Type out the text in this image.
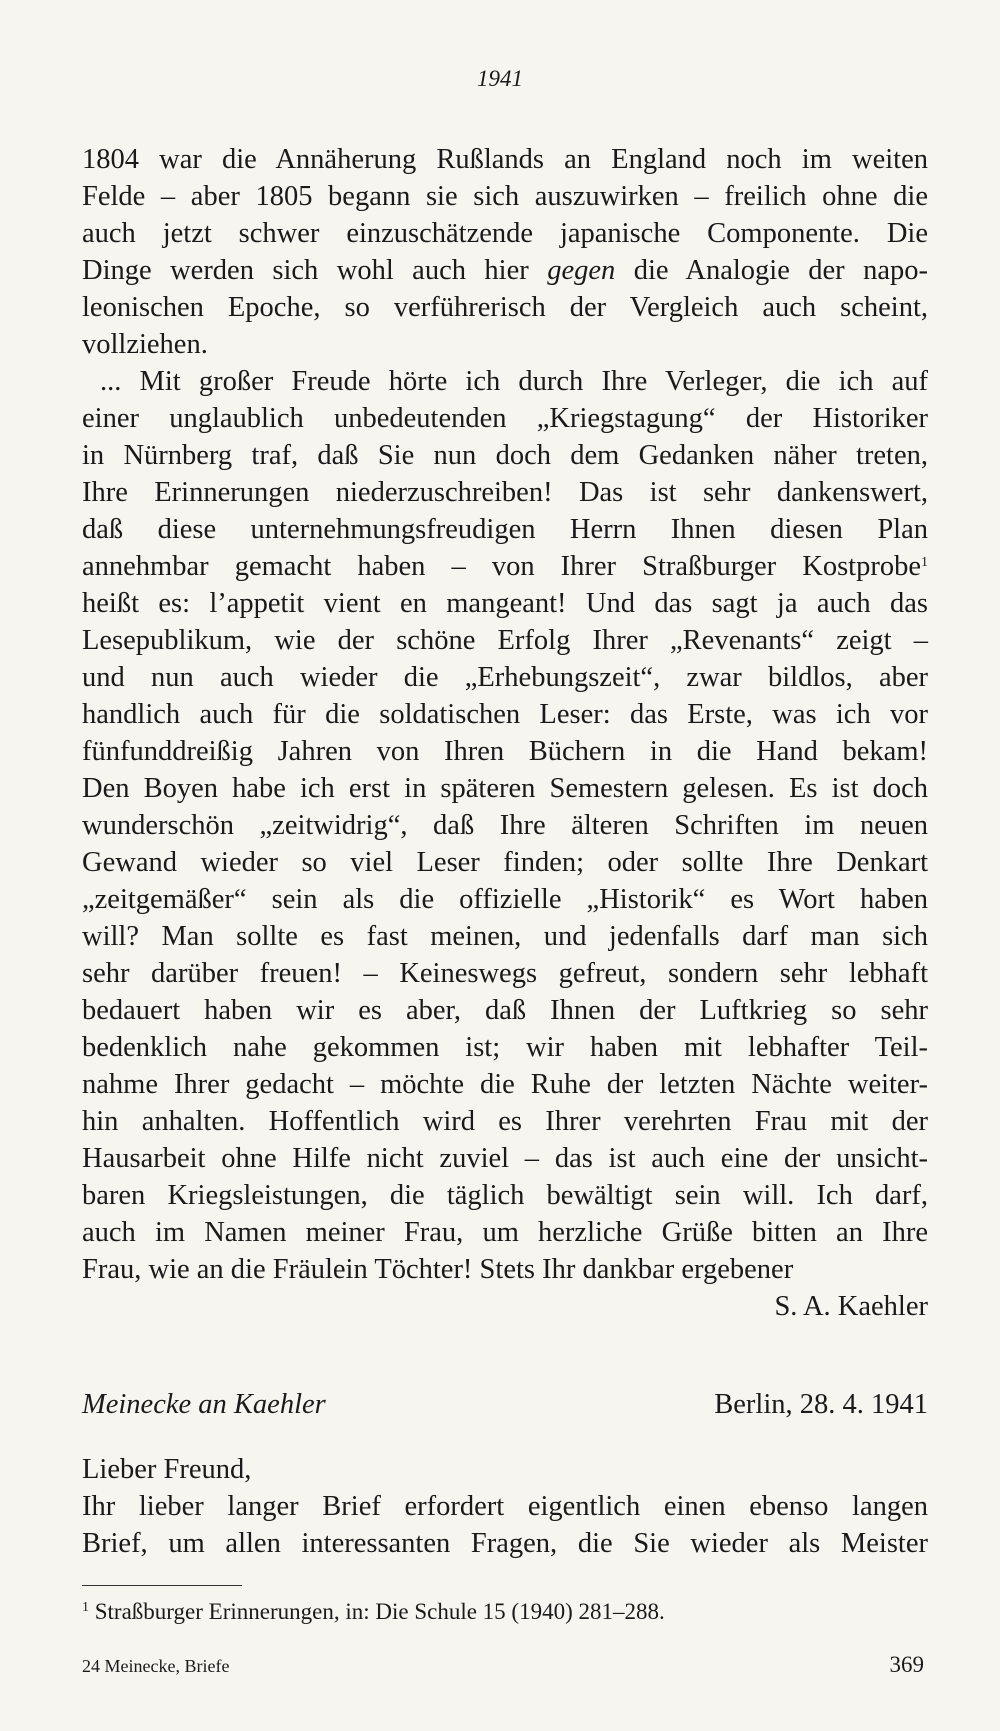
1941
1804 war die Annäherung Rußlands an England noch im weiten
Felde – aber 1805 begann sie sich auszuwirken – freilich ohne die
auch jetzt schwer einzuschätzende japanische Componente. Die
Dinge werden sich wohl auch hier gegen die Analogie der napo-
leonischen Epoche, so verführerisch der Vergleich auch scheint,
vollziehen.
... Mit großer Freude hörte ich durch Ihre Verleger, die ich auf
einer unglaublich unbedeutenden „Kriegstagung“ der Historiker
in Nürnberg traf, daß Sie nun doch dem Gedanken näher treten,
Ihre Erinnerungen niederzuschreiben! Das ist sehr dankenswert,
daß diese unternehmungsfreudigen Herrn Ihnen diesen Plan
annehmbar gemacht haben – von Ihrer Straßburger Kostprobe$^1$
heißt es: l’appetit vient en mangeant! Und das sagt ja auch das
Lesepublikum, wie der schöne Erfolg Ihrer „Revenants“ zeigt –
und nun auch wieder die „Erhebungszeit“, zwar bildlos, aber
handlich auch für die soldatischen Leser: das Erste, was ich vor
fünfunddreißig Jahren von Ihren Büchern in die Hand bekam!
Den Boyen habe ich erst in späteren Semestern gelesen. Es ist doch
wunderschön „zeitwidrig“, daß Ihre älteren Schriften im neuen
Gewand wieder so viel Leser finden; oder sollte Ihre Denkart
„zeitgemäßer“ sein als die offizielle „Historik“ es Wort haben
will? Man sollte es fast meinen, und jedenfalls darf man sich
sehr darüber freuen! – Keineswegs gefreut, sondern sehr lebhaft
bedauert haben wir es aber, daß Ihnen der Luftkrieg so sehr
bedenklich nahe gekommen ist; wir haben mit lebhafter Teil-
nahme Ihrer gedacht – möchte die Ruhe der letzten Nächte weiter-
hin anhalten. Hoffentlich wird es Ihrer verehrten Frau mit der
Hausarbeit ohne Hilfe nicht zuviel – das ist auch eine der unsicht-
baren Kriegsleistungen, die täglich bewältigt sein will. Ich darf,
auch im Namen meiner Frau, um herzliche Grüße bitten an Ihre
Frau, wie an die Fräulein Töchter! Stets Ihr dankbar ergebener
S. A. Kaehler
Meinecke an Kaehler	Berlin, 28. 4. 1941
Lieber Freund,
Ihr lieber langer Brief erfordert eigentlich einen ebenso langen
Brief, um allen interessanten Fragen, die Sie wieder als Meister
$^1$ Straßburger Erinnerungen, in: Die Schule 15 (1940) 281–288.
24 Meinecke, Briefe	369
